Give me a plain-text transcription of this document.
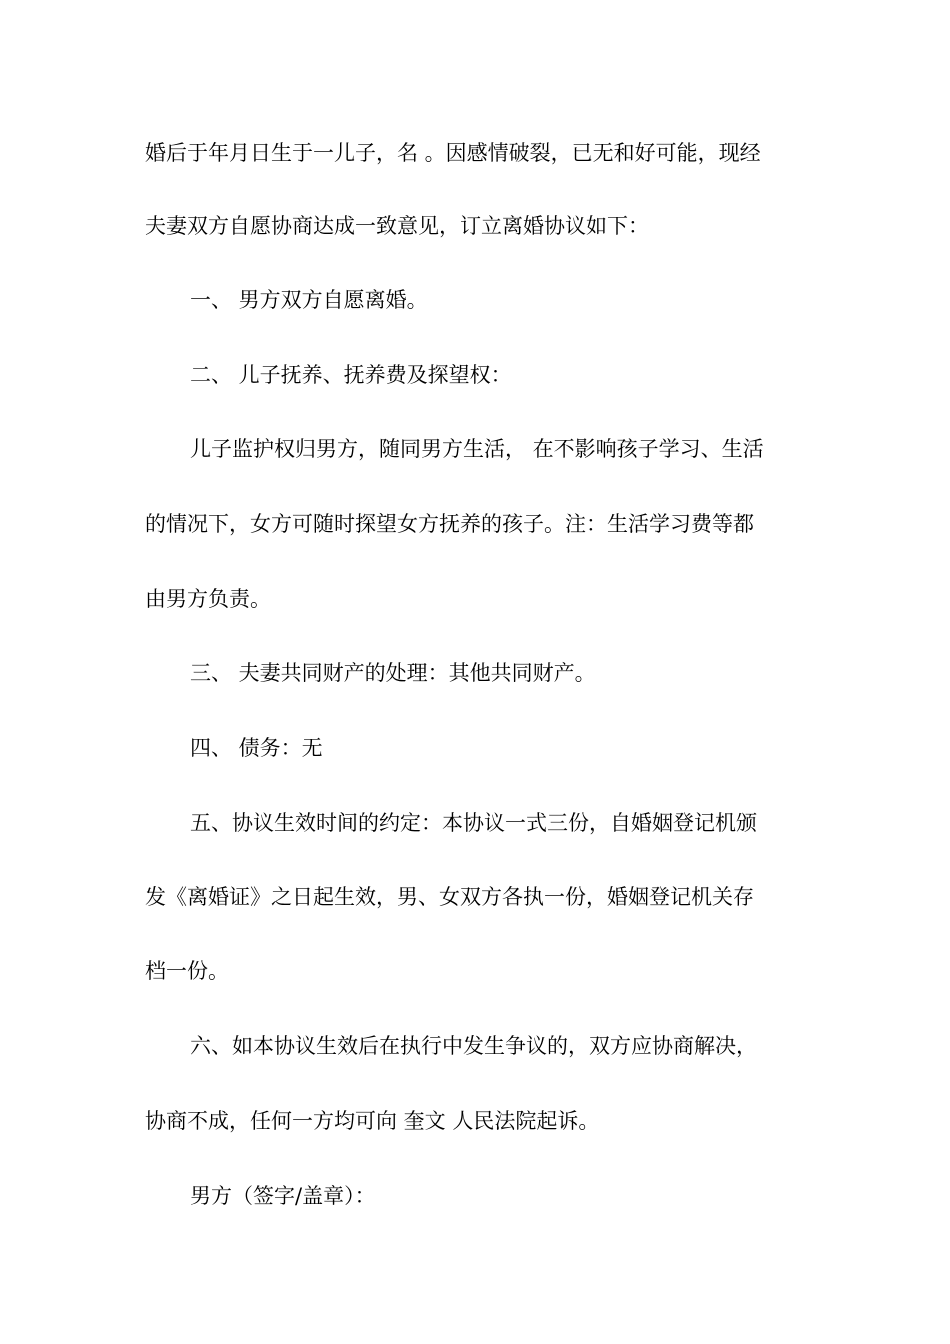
婚后于年月日生于一儿子，名 。因感情破裂，已无和好可能，现经
夫妻双方自愿协商达成一致意见，订立离婚协议如下：
一、 男方双方自愿离婚。
二、 儿子抚养、抚养费及探望权：
儿子监护权归男方，随同男方生活， 在不影响孩子学习、生活
的情况下，女方可随时探望女方抚养的孩子。注：生活学习费等都
由男方负责。
三、 夫妻共同财产的处理：其他共同财产。
四、 债务：无
五、协议生效时间的约定：本协议一式三份，自婚姻登记机颁
发《离婚证》之日起生效，男、女双方各执一份，婚姻登记机关存
档一份。
六、如本协议生效后在执行中发生争议的，双方应协商解决，
协商不成，任何一方均可向 奎文 人民法院起诉。
男方（签字/盖章）：
